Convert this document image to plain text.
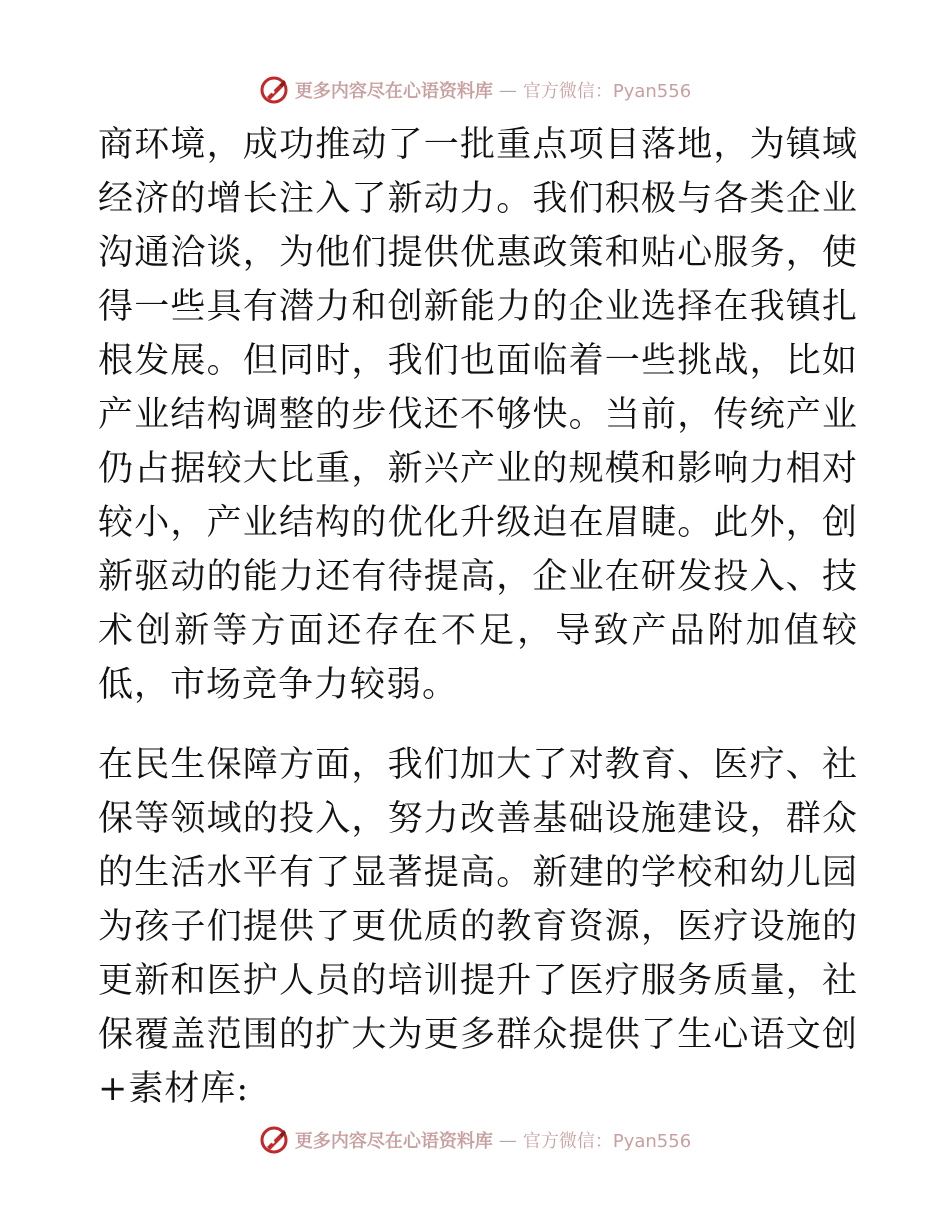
更多内容尽在心语资料库 — 官方微信：Pyan556

商环境，成功推动了一批重点项目落地，为镇域经济的增长注入了新动力。我们积极与各类企业沟通洽谈，为他们提供优惠政策和贴心服务，使得一些具有潜力和创新能力的企业选择在我镇扎根发展。但同时，我们也面临着一些挑战，比如产业结构调整的步伐还不够快。当前，传统产业仍占据较大比重，新兴产业的规模和影响力相对较小，产业结构的优化升级迫在眉睫。此外，创新驱动的能力还有待提高，企业在研发投入、技术创新等方面还存在不足，导致产品附加值较低，市场竞争力较弱。

在民生保障方面，我们加大了对教育、医疗、社保等领域的投入，努力改善基础设施建设，群众的生活水平有了显著提高。新建的学校和幼儿园为孩子们提供了更优质的教育资源，医疗设施的更新和医护人员的培训提升了医疗服务质量，社保覆盖范围的扩大为更多群众提供了生心语文创+素材库:

更多内容尽在心语资料库 — 官方微信：Pyan556
